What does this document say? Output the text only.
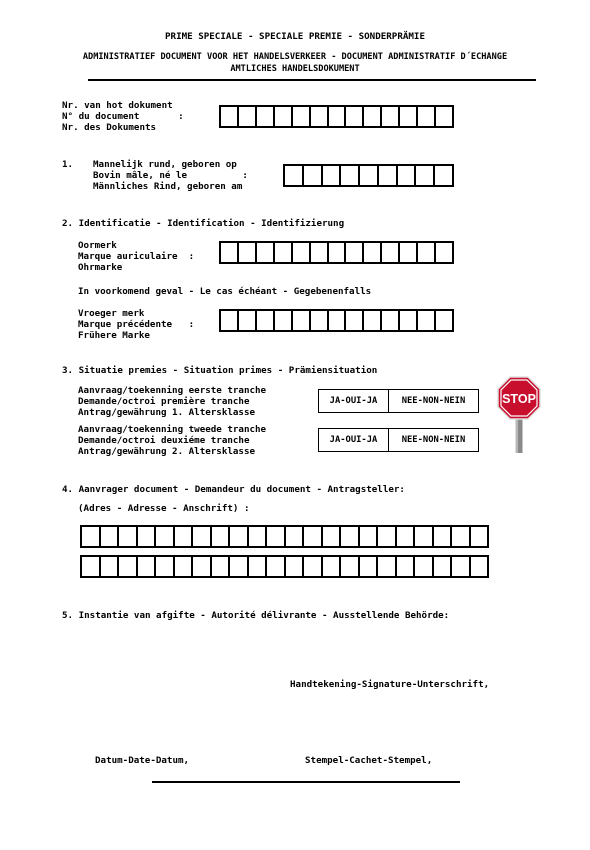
PRIME SPECIALE - SPECIALE PREMIE - SONDERPRÄMIE
ADMINISTRATIEF DOCUMENT VOOR HET HANDELSVERKEER - DOCUMENT ADMINISTRATIF D´ECHANGE
AMTLICHES HANDELSDOKUMENT
Nr. van hot dokument
N° du document       :
Nr. des Dokuments
1. Mannelijk rund, geboren op
Bovin mâle, né le          :
Männliches Rind, geboren am
2. Identificatie - Identification - Identifizierung
Oormerk
Marque auriculaire  :
Ohrmarke
In voorkomend geval - Le cas échéant - Gegebenenfalls
Vroeger merk
Marque précédente   :
Frühere Marke
3. Situatie premies - Situation primes - Prämiensituation
Aanvraag/toekenning eerste tranche
Demande/octroi première tranche
Antrag/gewährung 1. Altersklasse
JA-OUI-JA	NEE-NON-NEIN
Aanvraag/toekenning tweede tranche
Demande/octroi deuxiéme tranche
Antrag/gewährung 2. Altersklasse
JA-OUI-JA	NEE-NON-NEIN
STOP
4. Aanvrager document - Demandeur du document - Antragsteller:
(Adres - Adresse - Anschrift) :
5. Instantie van afgifte - Autorité délivrante - Ausstellende Behörde:
Handtekening-Signature-Unterschrift,
Datum-Date-Datum,	Stempel-Cachet-Stempel,
